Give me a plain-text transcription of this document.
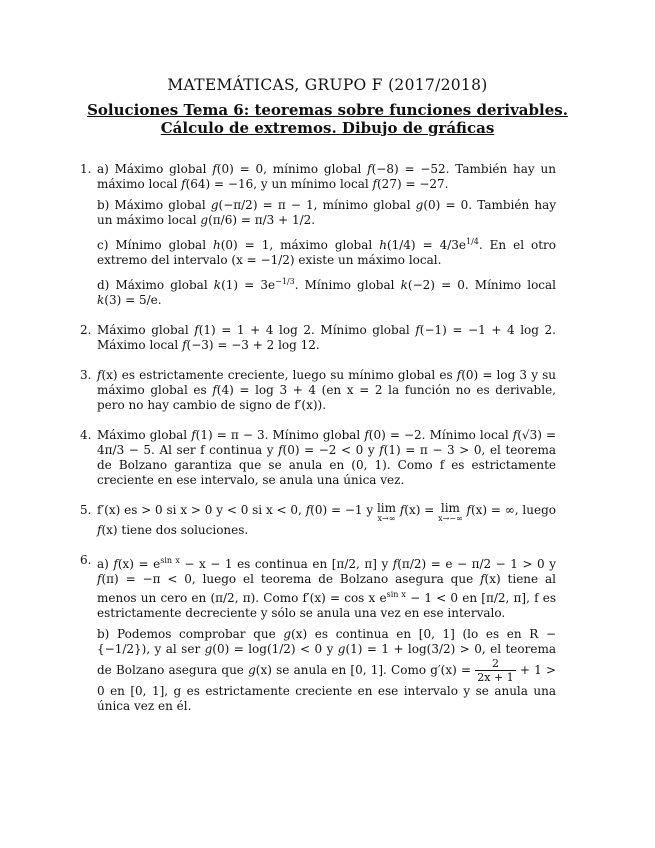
MATEMÁTICAS, GRUPO F (2017/2018)
Soluciones Tema 6: teoremas sobre funciones derivables. Cálculo de extremos. Dibujo de gráficas
1. a) Máximo global f(0) = 0, mínimo global f(−8) = −52. También hay un máximo local f(64) = −16, y un mínimo local f(27) = −27.

b) Máximo global g(−π/2) = π − 1, mínimo global g(0) = 0. También hay un máximo local g(π/6) = π/3 + 1/2.

c) Mínimo global h(0) = 1, máximo global $h(1/4) = 4/3e^{1/4}$. En el otro extremo del intervalo (x = −1/2) existe un máximo local.

d) Máximo global $k(1) = 3e^{-1/3}$. Mínimo global k(−2) = 0. Mínimo local k(3) = 5/e.

2. Máximo global f(1) = 1 + 4 log 2. Mínimo global f(−1) = −1 + 4 log 2. Máximo local f(−3) = −3 + 2 log 12.

3. f(x) es estrictamente creciente, luego su mínimo global es f(0) = log 3 y su máximo global es f(4) = log 3 + 4 (en x = 2 la función no es derivable, pero no hay cambio de signo de f′(x)).

4. Máximo global f(1) = π − 3. Mínimo global f(0) = −2. Mínimo local f(√3) = 4π/3 − 5. Al ser f continua y f(0) = −2 < 0 y f(1) = π − 3 > 0, el teorema de Bolzano garantiza que se anula en (0, 1). Como f es estrictamente creciente en ese intervalo, se anula una única vez.

5. f′(x) es > 0 si x > 0 y < 0 si x < 0, f(0) = −1 y lim
x→∞
f(x) = lim
x→−∞
f(x) = ∞, luego f(x) tiene dos soluciones.

6. a) $f(x) = e^{sin x} - x - 1$ es continua en [π/2, π] y f(π/2) = e − π/2 − 1 > 0 y f(π) = −π < 0, luego el teorema de Bolzano asegura que f(x) tiene al menos un cero en (π/2, π). Como f′(x) = cos x $e^{sin x} - 1 < 0$ en [π/2, π], f es estrictamente decreciente y sólo se anula una vez en ese intervalo.

b) Podemos comprobar que g(x) es continua en [0, 1] (lo es en R − {−1/2}), y al ser g(0) = log(1/2) < 0 y g(1) = 1 + log(3/2) > 0, el teorema de Bolzano asegura que g(x) se anula en [0, 1]. Como $g'(x) = \frac{2}{2x + 1} + 1 > 0$ en [0, 1], g es estrictamente creciente en ese intervalo y se anula una única vez en él.
